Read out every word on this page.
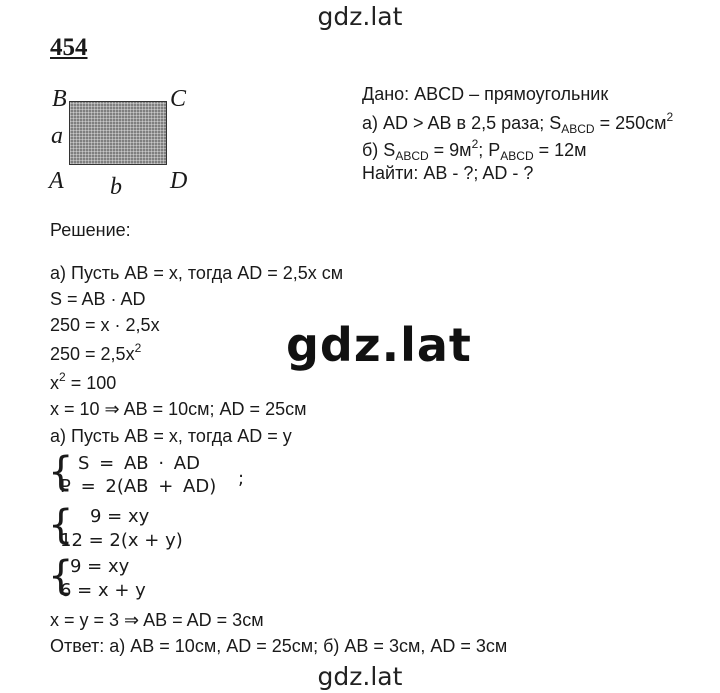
gdz.lat
gdz.lat
gdz.lat
454
B	C
a
A b D
Дано: ABCD – прямоугольник
а) AD > AB в 2,5 раза; $S_{ABCD} = 250см^2$
б) $S_{ABCD} = 9м^2$; $P_{ABCD} = 12м$
Найти: AB - ?; AD - ?
Решение:
а) Пусть AB = x, тогда AD = 2,5x см
S = AB · AD
250 = x · 2,5x
$250 = 2,5x^2$
$x^2 = 100$
x = 10 ⇒ AB = 10см; AD = 25см
а) Пусть AB = x, тогда AD = y
{ S = AB · AD
P = 2(AB + AD) ;
{ 9 = xy
12 = 2(x + y)
{
9 = xy
6 = x + y
x = y = 3 ⇒ AB = AD = 3см
Ответ: а) AB = 10см, AD = 25см; б) AB = 3см, AD = 3см
